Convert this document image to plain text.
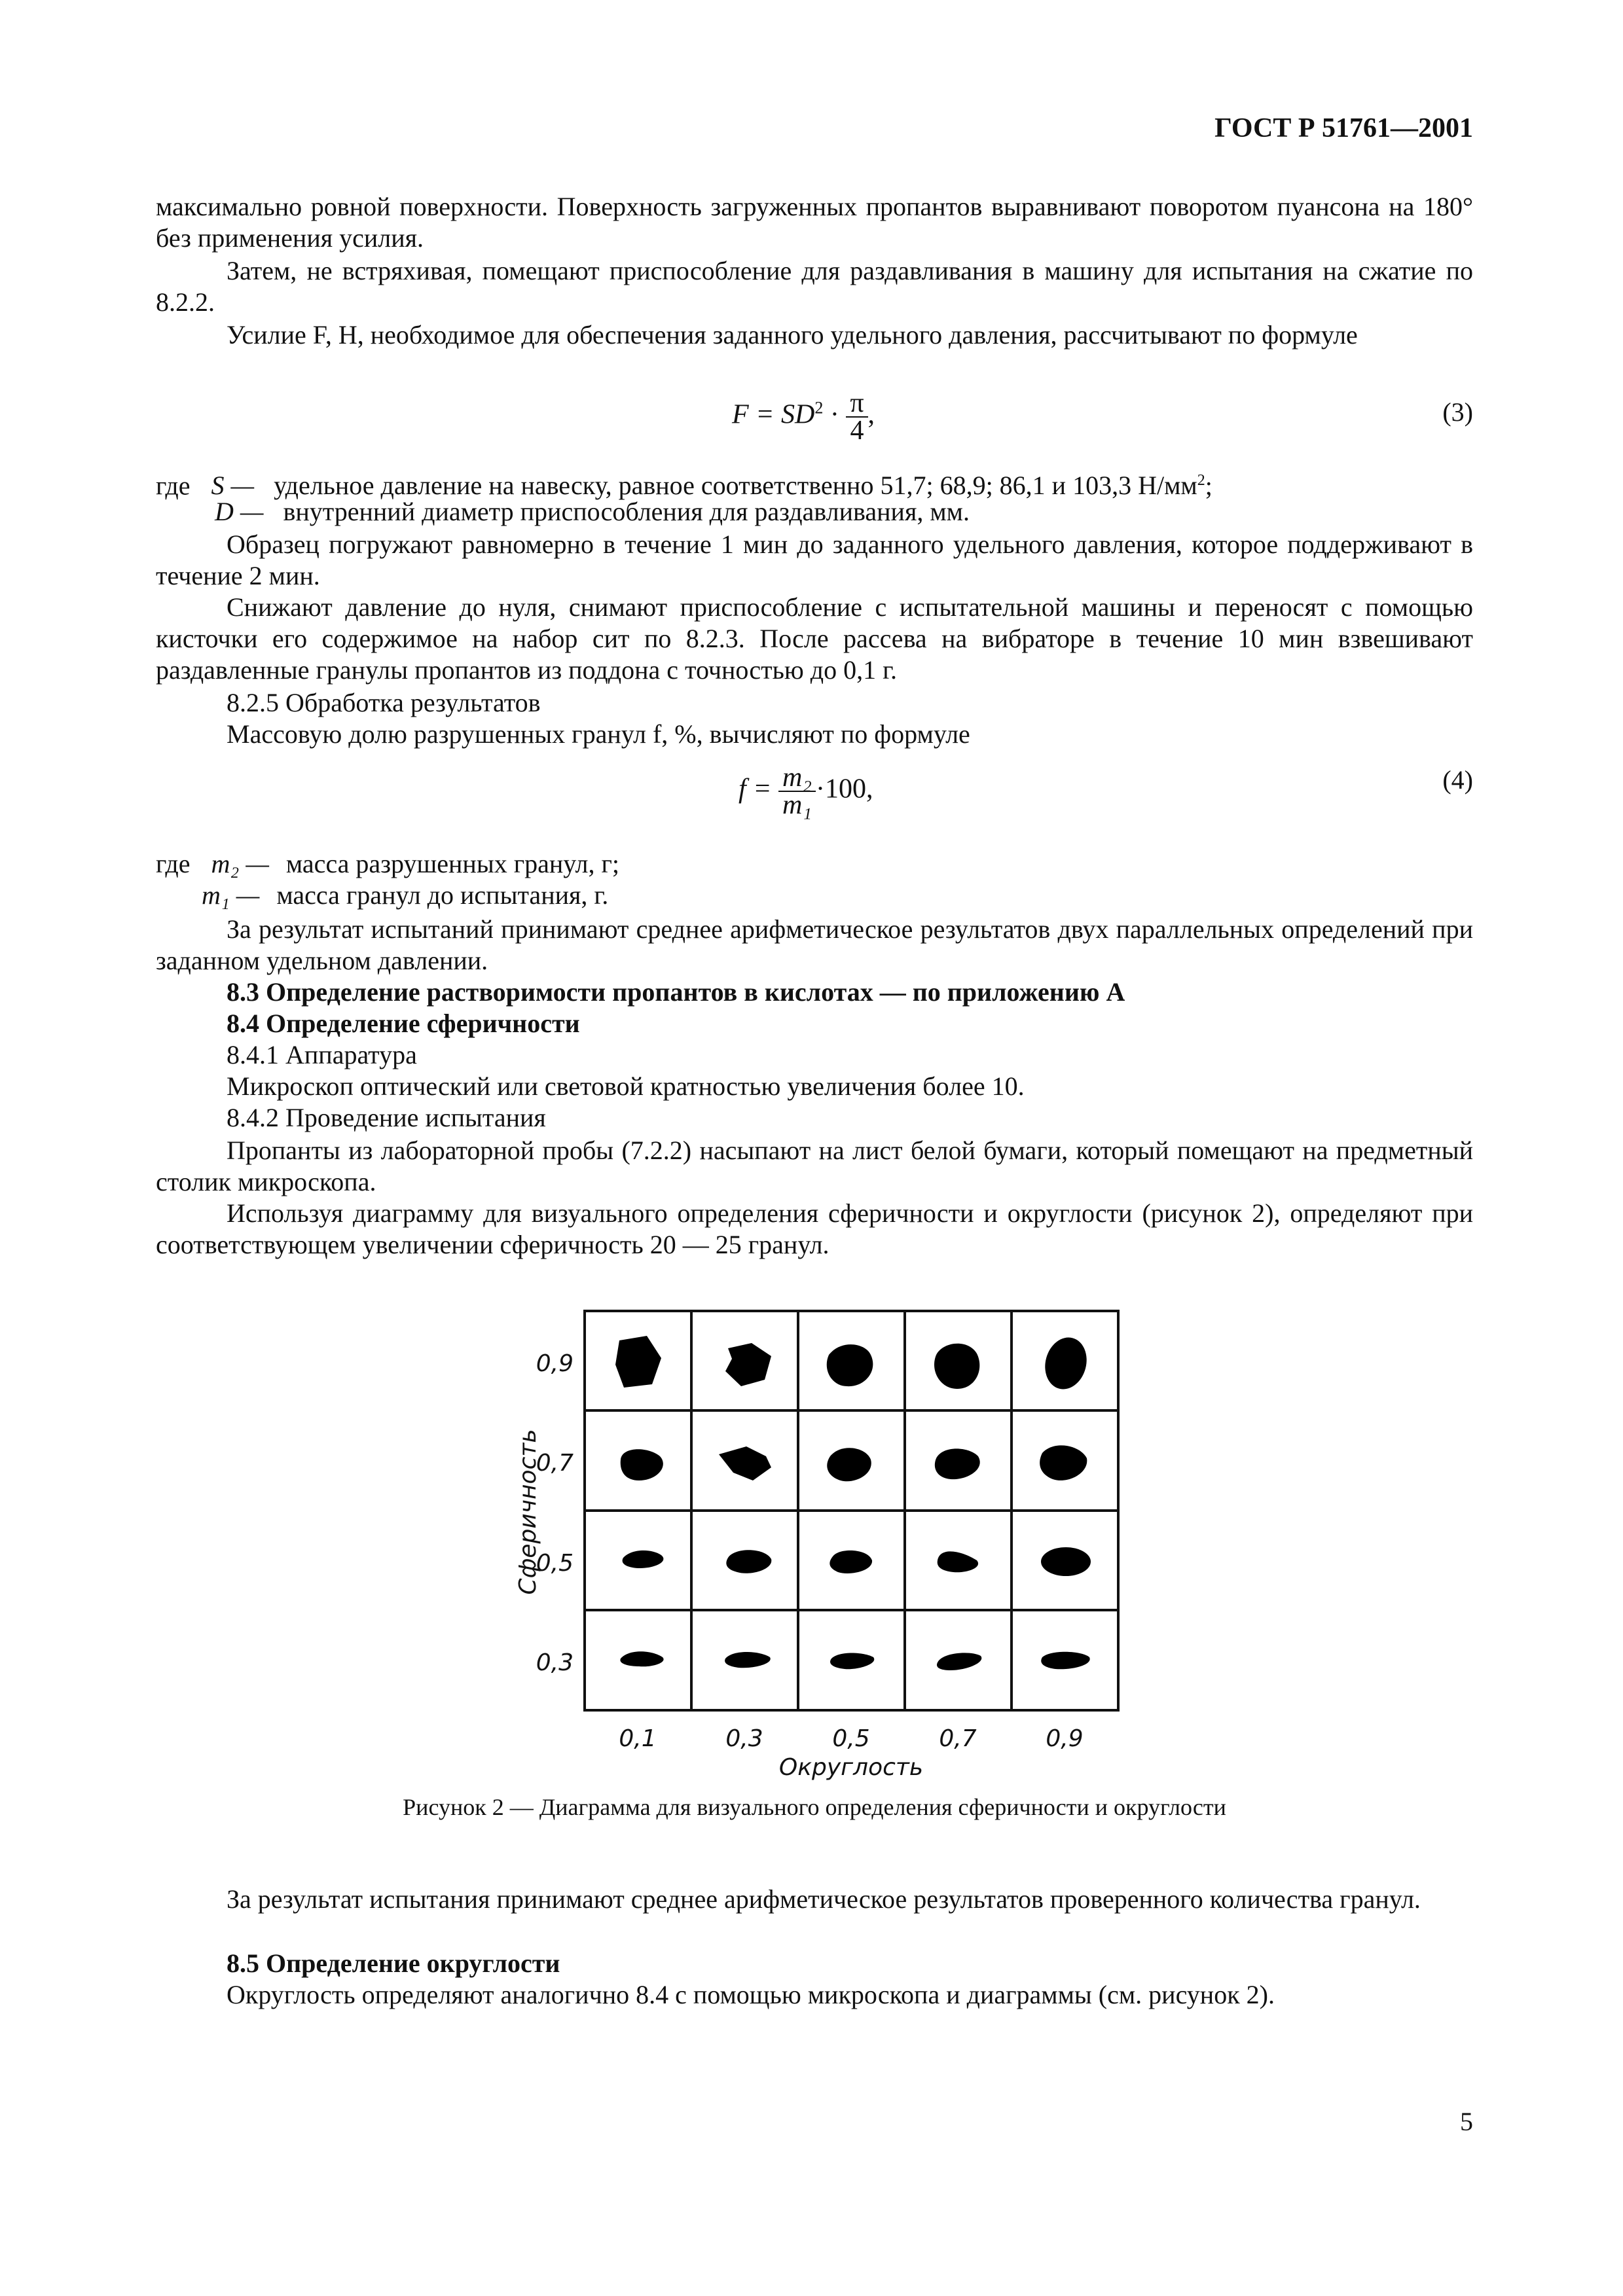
ГОСТ Р 51761—2001
максимально ровной поверхности. Поверхность загруженных пропантов выравнивают поворотом пуансона на 180° без применения усилия.
Затем, не встряхивая, помещают приспособление для раздавливания в машину для испытания на сжатие по 8.2.2.
Усилие F, Н, необходимое для обеспечения заданного удельного давления, рассчитывают по формуле
$F = SD^2 \cdot \frac{\pi}{4}$ ,	(3)
где S — удельное давление на навеску, равное соответственно 51,7; 68,9; 86,1 и 103,3 $Н/мм^2$;
D — внутренний диаметр приспособления для раздавливания, мм.
Образец погружают равномерно в течение 1 мин до заданного удельного давления, которое поддерживают в течение 2 мин.
Снижают давление до нуля, снимают приспособление с испытательной машины и переносят с помощью кисточки его содержимое на набор сит по 8.2.3. После рассева на вибраторе в течение 10 мин взвешивают раздавленные гранулы пропантов из поддона с точностью до 0,1 г.
8.2.5 Обработка результатов
Массовую долю разрушенных гранул f, %, вычисляют по формуле
$f = \frac{\text{m₂}}{\text{m₁}} \cdot 100$,	(4)
где m₂ — масса разрушенных гранул, г;
m₁ — масса гранул до испытания, г.
За результат испытаний принимают среднее арифметическое результатов двух параллельных определений при заданном удельном давлении.
8.3 Определение растворимости пропантов в кислотах — по приложению А
8.4 Определение сферичности
8.4.1 Аппаратура
Микроскоп оптический или световой кратностью увеличения более 10.
8.4.2 Проведение испытания
Пропанты из лабораторной пробы (7.2.2) насыпают на лист белой бумаги, который помещают на предметный столик микроскопа.
Используя диаграмму для визуального определения сферичности и округлости (рисунок 2), определяют при соответствующем увеличении сферичность 20 — 25 гранул.
0,9
0,7
0,5
0,3
0,1	0,3	0,5	0,7	0,9
Округлость
Сферичность
Рисунок 2 — Диаграмма для визуального определения сферичности и округлости
За результат испытания принимают среднее арифметическое результатов проверенного количества гранул.
8.5 Определение округлости
Округлость определяют аналогично 8.4 с помощью микроскопа и диаграммы (см. рисунок 2).
5
